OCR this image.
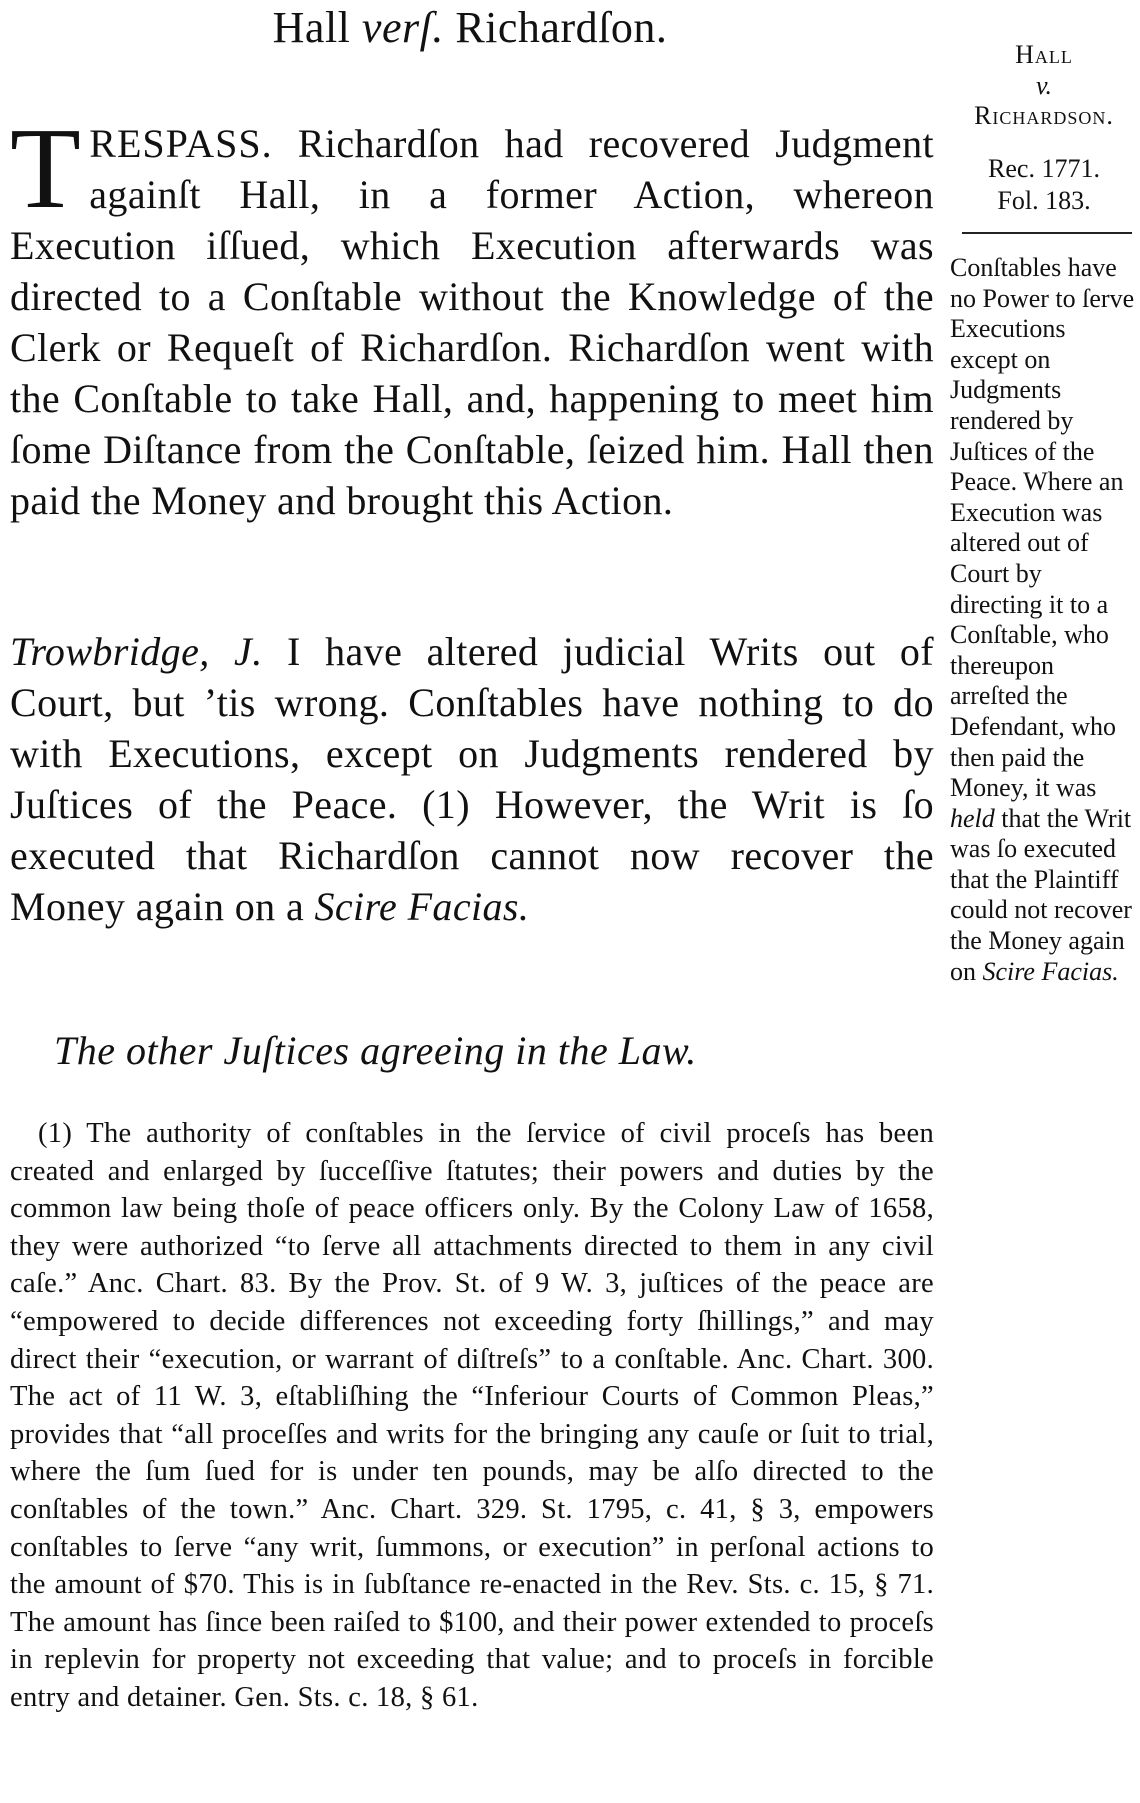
Hall verſ. Richardſon.
Hall
v.
Richardson.
Rec. 1771.
Fol. 183.
Conſtables have no Power to ſerve Executions except on Judgments rendered by Juſtices of the Peace. Where an Execution was altered out of Court by directing it to a Conſtable, who thereupon arreſted the Defendant, who then paid the Money, it was held that the Writ was ſo executed that the Plaintiff could not recover the Money again on Scire Facias.

TRESPASS. Richardſon had recovered Judgment againſt Hall, in a former Action, whereon Execution iſſued, which Execution afterwards was directed to a Conſtable without the Knowledge of the Clerk or Requeſt of Richardſon. Richardſon went with the Conſtable to take Hall, and, happening to meet him ſome Diſtance from the Conſtable, ſeized him. Hall then paid the Money and brought this Action.

Trowbridge, J. I have altered judicial Writs out of Court, but ’tis wrong. Conſtables have nothing to do with Executions, except on Judgments rendered by Juſtices of the Peace. (1) However, the Writ is ſo executed that Richardſon cannot now recover the Money again on a Scire Facias.

The other Juſtices agreeing in the Law.

(1) The authority of conſtables in the ſervice of civil proceſs has been created and enlarged by ſucceſſive ſtatutes; their powers and duties by the common law being thoſe of peace officers only. By the Colony Law of 1658, they were authorized “to ſerve all attachments directed to them in any civil caſe.” Anc. Chart. 83. By the Prov. St. of 9 W. 3, juſtices of the peace are “empowered to decide differences not exceeding forty ſhillings,” and may direct their “execution, or warrant of diſtreſs” to a conſtable. Anc. Chart. 300. The act of 11 W. 3, eſtabliſhing the “Inferiour Courts of Common Pleas,” provides that “all proceſſes and writs for the bringing any cauſe or ſuit to trial, where the ſum ſued for is under ten pounds, may be alſo directed to the conſtables of the town.” Anc. Chart. 329. St. 1795, c. 41, § 3, empowers conſtables to ſerve “any writ, ſummons, or execution” in perſonal actions to the amount of $70. This is in ſubſtance re-enacted in the Rev. Sts. c. 15, § 71. The amount has ſince been raiſed to $100, and their power extended to proceſs in replevin for property not exceeding that value; and to proceſs in forcible entry and detainer. Gen. Sts. c. 18, § 61.
